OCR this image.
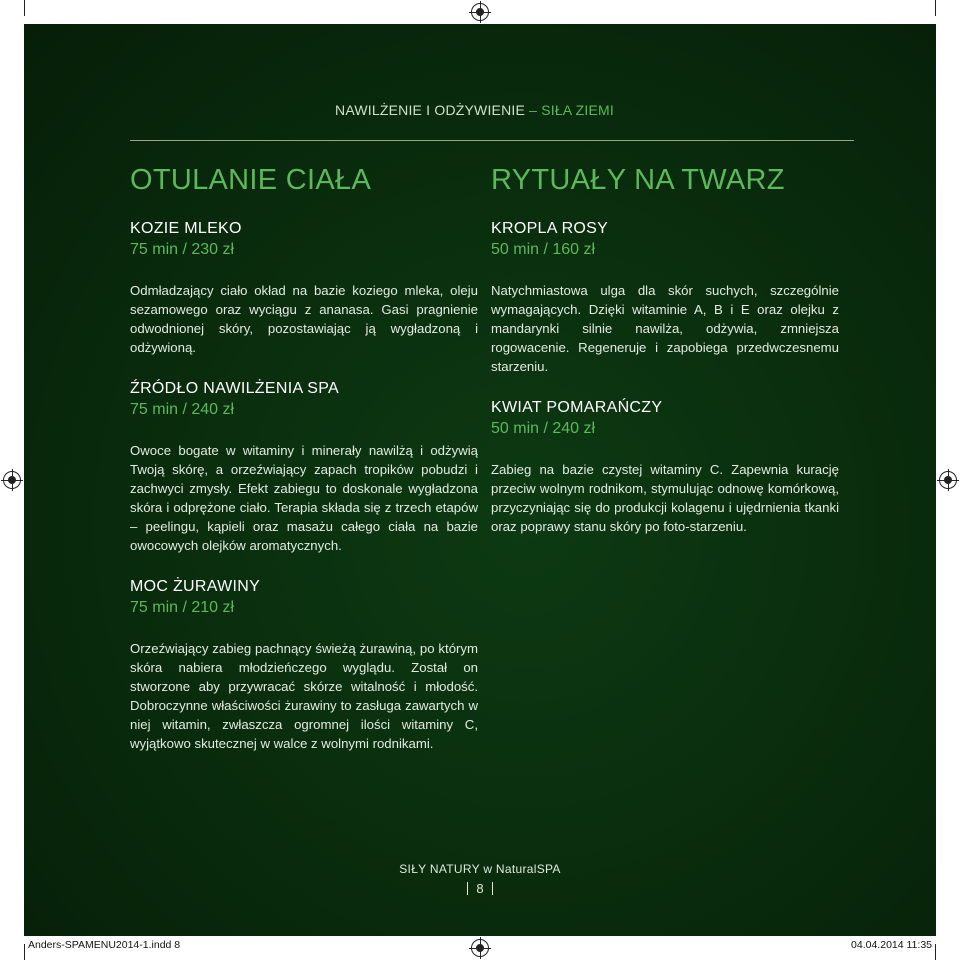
NAWILŻENIE I ODŻYWIENIE – SIŁA ZIEMI
OTULANIE CIAŁA
KOZIE MLEKO
75 min / 230 zł

Odmładzający ciało okład na bazie koziego mleka, oleju sezamowego oraz wyciągu z ananasa. Gasi pragnienie odwodnionej skóry, pozostawiając ją wygładzoną i odżywioną.

ŹRÓDŁO NAWILŻENIA SPA
75 min / 240 zł

Owoce bogate w witaminy i minerały nawilżą i odżywią Twoją skórę, a orzeźwiający zapach tropików pobudzi i zachwyci zmysły. Efekt zabiegu to doskonale wygładzona skóra i odprężone ciało. Terapia składa się z trzech etapów – peelingu, kąpieli oraz masażu całego ciała na bazie owocowych olejków aromatycznych.

MOC ŻURAWINY
75 min / 210 zł

Orzeźwiający zabieg pachnący świeżą żurawiną, po którym skóra nabiera młodzieńczego wyglądu. Został on stworzone aby przywracać skórze witalność i młodość. Dobroczynne właściwości żurawiny to zasługa zawartych w niej witamin, zwłaszcza ogromnej ilości witaminy C, wyjątkowo skutecznej w walce z wolnymi rodnikami.

RYTUAŁY NA TWARZ
KROPLA ROSY
50 min / 160 zł

Natychmiastowa ulga dla skór suchych, szczególnie wymagających. Dzięki witaminie A, B i E oraz olejku z mandarynki silnie nawilża, odżywia, zmniejsza rogowacenie. Regeneruje i zapobiega przedwczesnemu starzeniu.

KWIAT POMARAŃCZY
50 min / 240 zł

Zabieg na bazie czystej witaminy C. Zapewnia kurację przeciw wolnym rodnikom, stymulując odnowę komórkową, przyczyniając się do produkcji kolagenu i ujędrnienia tkanki oraz poprawy stanu skóry po foto-starzeniu.

SIŁY NATURY w NaturalSPA
8
Anders-SPAMENU2014-1.indd 8	04.04.2014 11:35
